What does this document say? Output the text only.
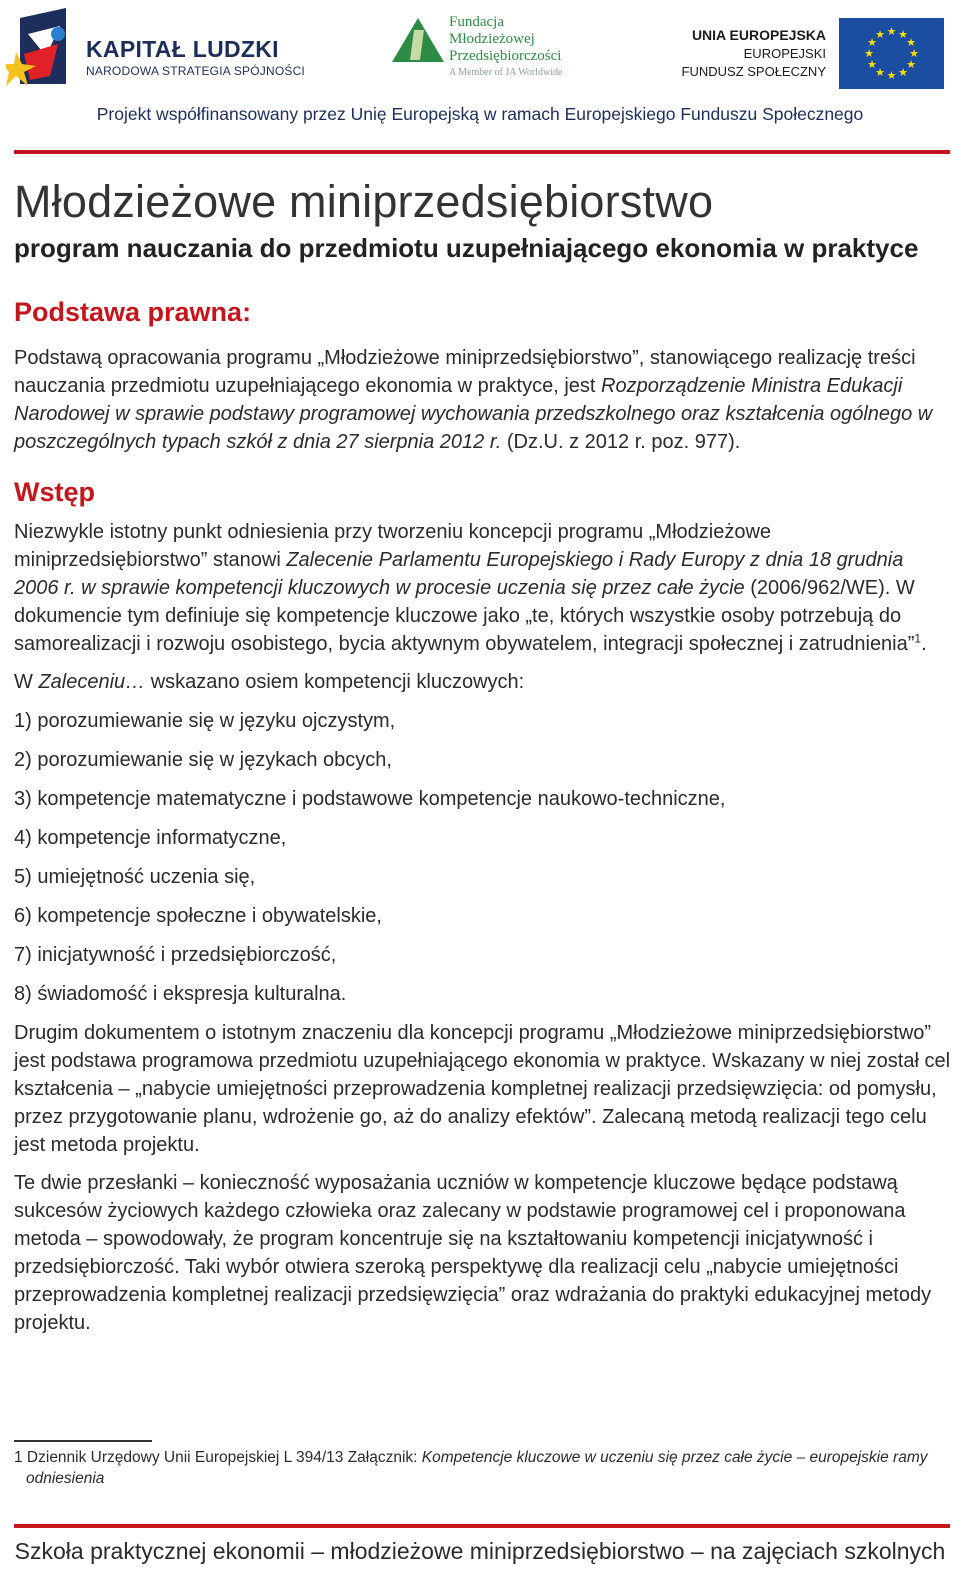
KAPITAŁ LUDZKI
NARODOWA STRATEGIA SPÓJNOŚCI
Fundacja
Młodzieżowej
Przedsiębiorczości
A Member of JA Worldwide
UNIA EUROPEJSKA
EUROPEJSKI
FUNDUSZ SPOŁECZNY
★ ★
★
★
★
★
★
★
★
★
★
★
Projekt współfinansowany przez Unię Europejską w ramach Europejskiego Funduszu Społecznego
Młodzieżowe miniprzedsiębiorstwo
program nauczania do przedmiotu uzupełniającego ekonomia w praktyce
Podstawa prawna:

Podstawą opracowania programu „Młodzieżowe miniprzedsiębiorstwo”, stanowiącego realizację treści nauczania przedmiotu uzupełniającego ekonomia w praktyce, jest Rozporządzenie Ministra Edukacji Narodowej w sprawie podstawy programowej wychowania przedszkolnego oraz kształcenia ogólnego w poszczególnych typach szkół z dnia 27 sierpnia 2012 r. (Dz.U. z 2012 r. poz. 977).

Wstęp

Niezwykle istotny punkt odniesienia przy tworzeniu koncepcji programu „Młodzieżowe miniprzedsiębiorstwo” stanowi Zalecenie Parlamentu Europejskiego i Rady Europy z dnia 18 grudnia 2006 r. w sprawie kompetencji kluczowych w procesie uczenia się przez całe życie (2006/962/WE). W dokumencie tym definiuje się kompetencje kluczowe jako „te, których wszystkie osoby potrzebują do samorealizacji i rozwoju osobistego, bycia aktywnym obywatelem, integracji społecznej i zatrudnienia”$^1$.

W Zaleceniu… wskazano osiem kompetencji kluczowych:

1) porozumiewanie się w języku ojczystym,

2) porozumiewanie się w językach obcych,

3) kompetencje matematyczne i podstawowe kompetencje naukowo-techniczne,

4) kompetencje informatyczne,

5) umiejętność uczenia się,

6) kompetencje społeczne i obywatelskie,

7) inicjatywność i przedsiębiorczość,

8) świadomość i ekspresja kulturalna.

Drugim dokumentem o istotnym znaczeniu dla koncepcji programu „Młodzieżowe miniprzedsiębiorstwo” jest podstawa programowa przedmiotu uzupełniającego ekonomia w praktyce. Wskazany w niej został cel kształcenia – „nabycie umiejętności przeprowadzenia kompletnej realizacji przedsięwzięcia: od pomysłu, przez przygotowanie planu, wdrożenie go, aż do analizy efektów”. Zalecaną metodą realizacji tego celu jest metoda projektu.

Te dwie przesłanki – konieczność wyposażania uczniów w kompetencje kluczowe będące podstawą sukcesów życiowych każdego człowieka oraz zalecany w podstawie programowej cel i proponowana metoda – spowodowały, że program koncentruje się na kształtowaniu kompetencji inicjatywność i przedsiębiorczość. Taki wybór otwiera szeroką perspektywę dla realizacji celu „nabycie umiejętności przeprowadzenia kompletnej realizacji przedsięwzięcia” oraz wdrażania do praktyki edukacyjnej metody projektu.

1 Dziennik Urzędowy Unii Europejskiej L 394/13 Załącznik: Kompetencje kluczowe w uczeniu się przez całe życie – europejskie ramy
odniesienia
Szkoła praktycznej ekonomii – młodzieżowe miniprzedsiębiorstwo – na zajęciach szkolnych
